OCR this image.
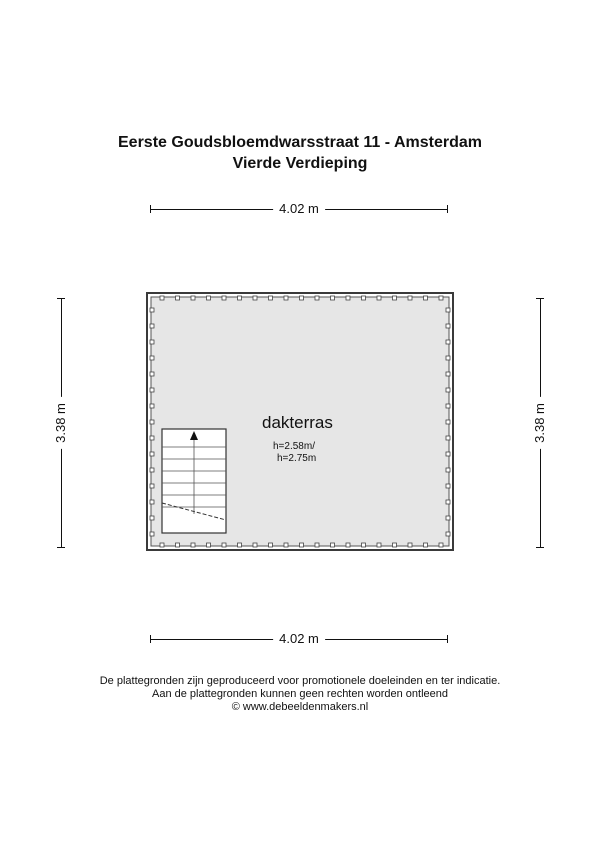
Eerste Goudsbloemdwarsstraat 11 - Amsterdam
Vierde Verdieping
4.02 m
4.02 m
3.38 m	3.38 m
dakterras
h=2.58m/
h=2.75m
De plattegronden zijn geproduceerd voor promotionele doeleinden en ter indicatie.
Aan de plattegronden kunnen geen rechten worden ontleend
© www.debeeldenmakers.nl
